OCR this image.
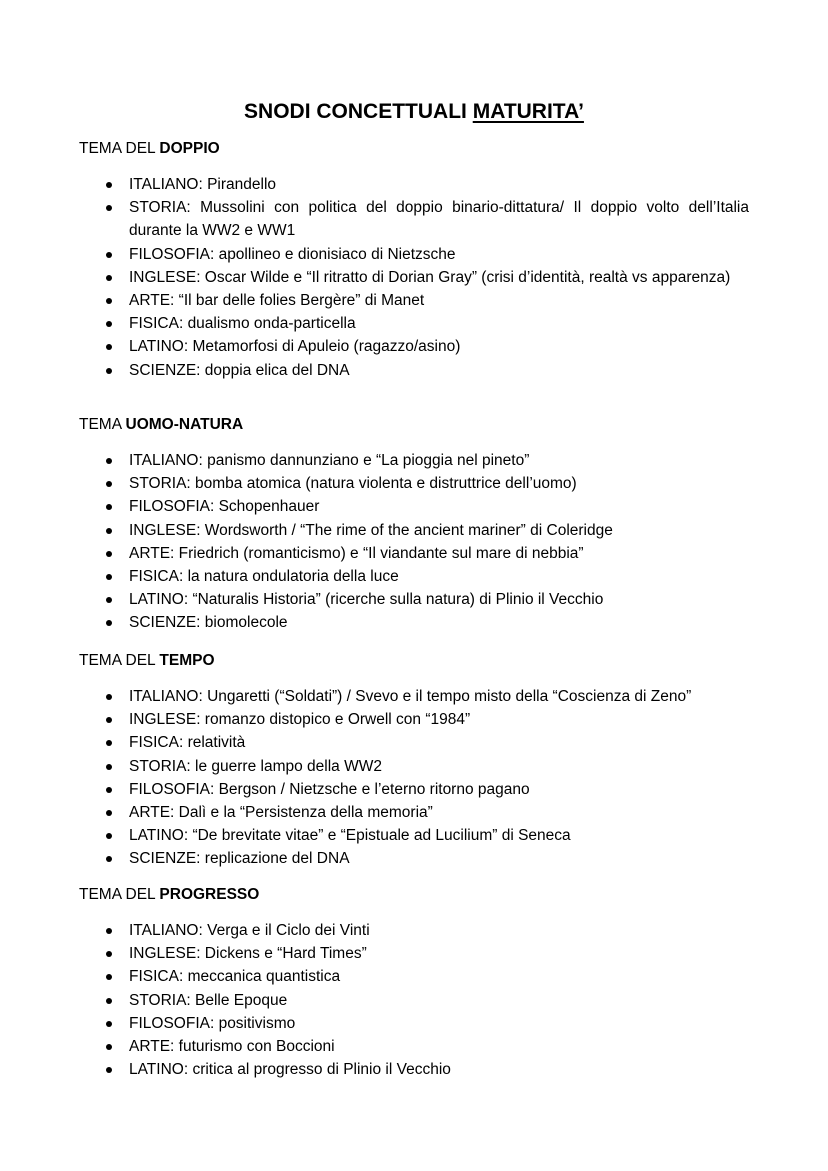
SNODI CONCETTUALI MATURITA’
TEMA DEL DOPPIO
ITALIANO: Pirandello
STORIA: Mussolini con politica del doppio binario-dittatura/ Il doppio volto dell’Italia durante la WW2 e WW1
FILOSOFIA: apollineo e dionisiaco di Nietzsche
INGLESE: Oscar Wilde e “Il ritratto di Dorian Gray” (crisi d’identità, realtà vs apparenza)
ARTE: “Il bar delle folies Bergère” di Manet
FISICA: dualismo onda-particella
LATINO: Metamorfosi di Apuleio (ragazzo/asino)
SCIENZE: doppia elica del DNA
TEMA UOMO-NATURA
ITALIANO: panismo dannunziano e “La pioggia nel pineto”
STORIA: bomba atomica (natura violenta e distruttrice dell’uomo)
FILOSOFIA: Schopenhauer
INGLESE: Wordsworth / “The rime of the ancient mariner” di Coleridge
ARTE: Friedrich (romanticismo) e “Il viandante sul mare di nebbia”
FISICA: la natura ondulatoria della luce
LATINO: “Naturalis Historia” (ricerche sulla natura) di Plinio il Vecchio
SCIENZE: biomolecole
TEMA DEL TEMPO
ITALIANO: Ungaretti (“Soldati”) / Svevo e il tempo misto della “Coscienza di Zeno”
INGLESE: romanzo distopico e Orwell con “1984”
FISICA: relatività
STORIA: le guerre lampo della WW2
FILOSOFIA: Bergson / Nietzsche e l’eterno ritorno pagano
ARTE: Dalì e la “Persistenza della memoria”
LATINO: “De brevitate vitae” e “Epistuale ad Lucilium” di Seneca
SCIENZE: replicazione del DNA
TEMA DEL PROGRESSO
ITALIANO: Verga e il Ciclo dei Vinti
INGLESE: Dickens e “Hard Times”
FISICA: meccanica quantistica
STORIA: Belle Epoque
FILOSOFIA: positivismo
ARTE: futurismo con Boccioni
LATINO: critica al progresso di Plinio il Vecchio
